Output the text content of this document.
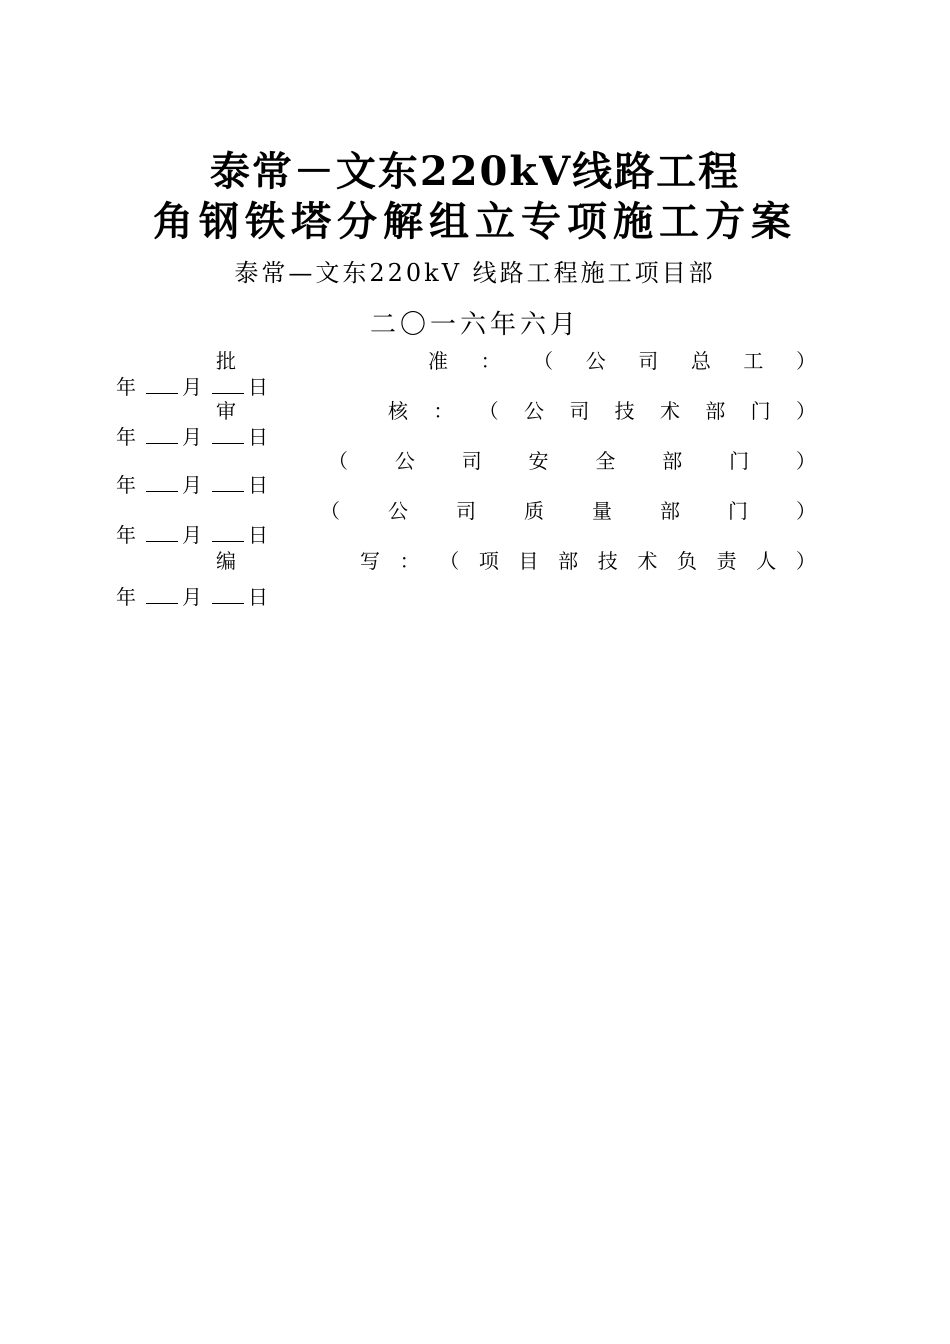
泰常－文东220kV线路工程
角钢铁塔分解组立专项施工方案
泰常—文东220kV 线路工程施工项目部
二〇一六年六月
批	准 ： （ 公 司 总 工 ）
年 月 日
审	核 ： （ 公 司 技 术 部 门 ）
年 月 日
（ 公 司 安 全 部 门 ）
年 月 日
（ 公 司 质 量 部 门 ）
年 月 日
编	写 ： （ 项 目 部 技 术 负 责 人 ）
年 月 日
